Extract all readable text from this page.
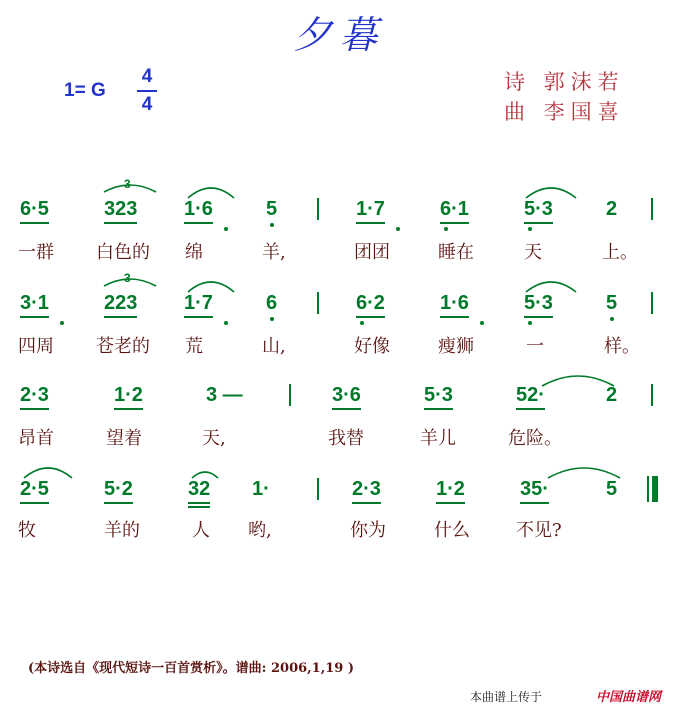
夕暮
1= G
4
4
诗 郭沫若
曲 李国喜
3
6·5	323 1·6	5	1·7	6·1	5·3	2
一群 白色的 绵	羊,	团团	睡在	天	上。
3
3·1	223 1·7	6	6·2	1·6	5·3	5
四周 苍老的 荒	山,	好像	瘦狮	一	样。
2·3	1·2	3 —	3·6	5·3	52·	2
昂首	望着	天,	我替	羊儿	危险。
2·5	5·2	32 1·	2·3	1·2	35·	5
牧	羊的	人 哟,	你为	什么	不见?
(本诗选自《现代短诗一百首赏析》。谱曲: 2006,1,19 )
本曲谱上传于	中国曲谱网
